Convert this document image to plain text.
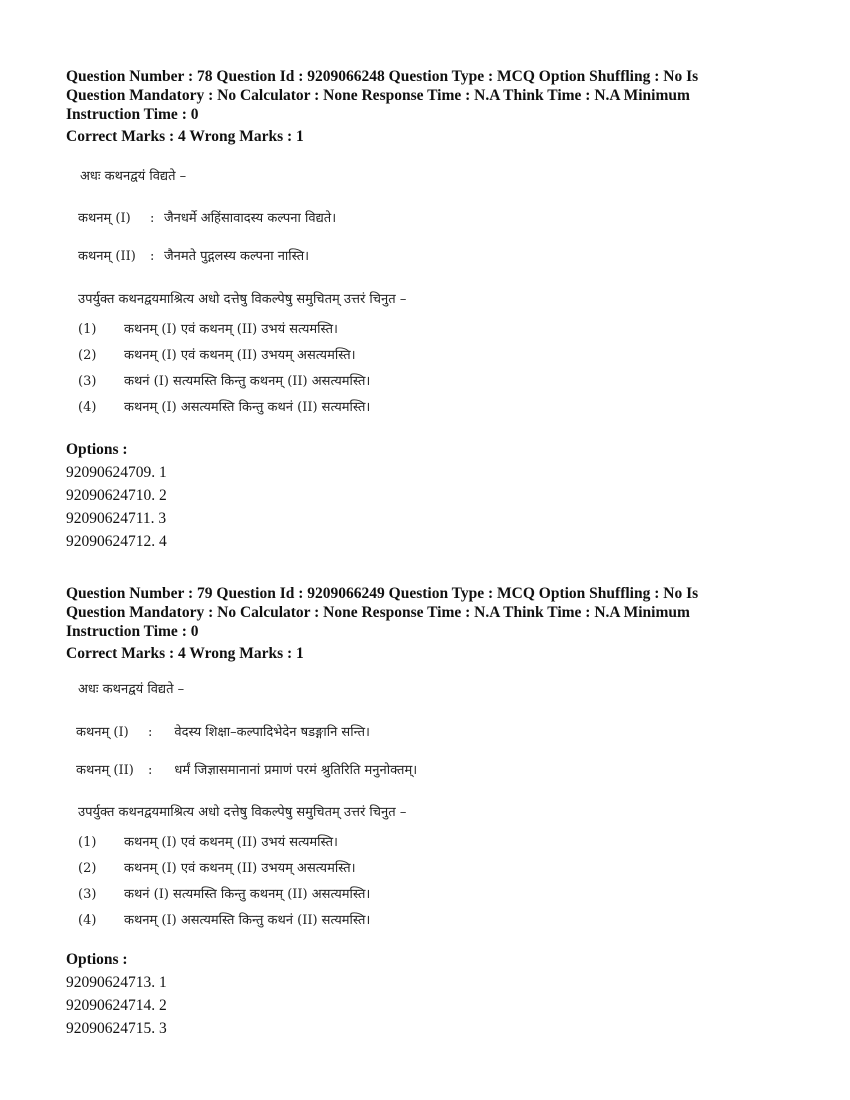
Question Number : 78 Question Id : 9209066248 Question Type : MCQ Option Shuffling : No Is
Question Mandatory : No Calculator : None Response Time : N.A Think Time : N.A Minimum
Instruction Time : 0
Correct Marks : 4 Wrong Marks : 1
अधः कथनद्वयं विद्यते –
कथनम् (I) : जैनधर्मे अहिंसावादस्य कल्पना विद्यते।
कथनम् (II) : जैनमते पुद्गलस्य कल्पना नास्ति।
उपर्युक्त कथनद्वयमाश्रित्य अधो दत्तेषु विकल्पेषु समुचितम् उत्तरं चिनुत –
(1) कथनम् (I) एवं कथनम् (II) उभयं सत्यमस्ति।
(2) कथनम् (I) एवं कथनम् (II) उभयम् असत्यमस्ति।
(3) कथनं (I) सत्यमस्ति किन्तु कथनम् (II) असत्यमस्ति।
(4) कथनम् (I) असत्यमस्ति किन्तु कथनं (II) सत्यमस्ति।
Options :
92090624709. 1
92090624710. 2
92090624711. 3
92090624712. 4
Question Number : 79 Question Id : 9209066249 Question Type : MCQ Option Shuffling : No Is
Question Mandatory : No Calculator : None Response Time : N.A Think Time : N.A Minimum
Instruction Time : 0
Correct Marks : 4 Wrong Marks : 1
अधः कथनद्वयं विद्यते –
कथनम् (I) : वेदस्य शिक्षा–कल्पादिभेदेन षडङ्गानि सन्ति।
कथनम् (II) : धर्मं जिज्ञासमानानां प्रमाणं परमं श्रुतिरिति मनुनोक्तम्।
उपर्युक्त कथनद्वयमाश्रित्य अधो दत्तेषु विकल्पेषु समुचितम् उत्तरं चिनुत –
(1) कथनम् (I) एवं कथनम् (II) उभयं सत्यमस्ति।
(2) कथनम् (I) एवं कथनम् (II) उभयम् असत्यमस्ति।
(3) कथनं (I) सत्यमस्ति किन्तु कथनम् (II) असत्यमस्ति।
(4) कथनम् (I) असत्यमस्ति किन्तु कथनं (II) सत्यमस्ति।
Options :
92090624713. 1
92090624714. 2
92090624715. 3
